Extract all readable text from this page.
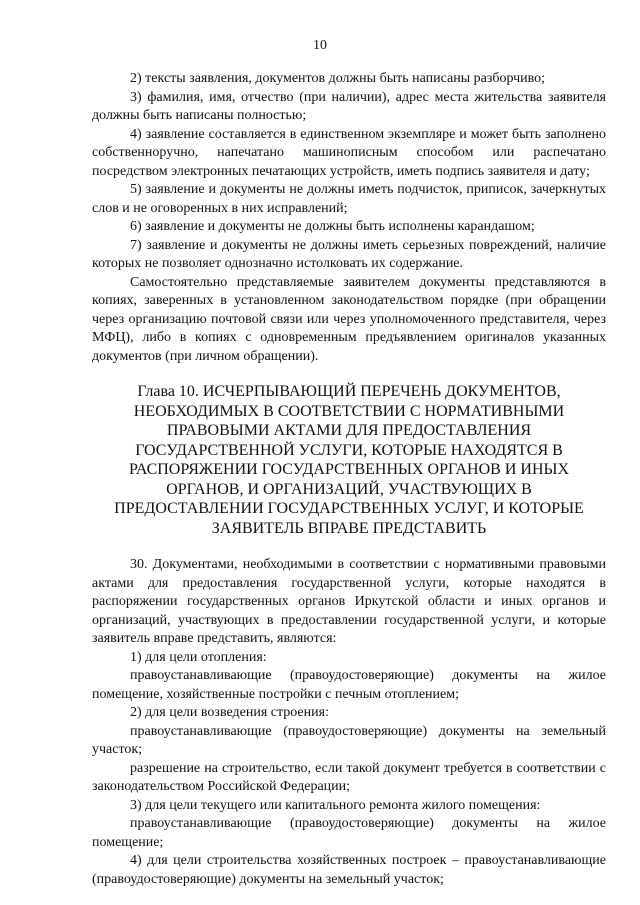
10

2) тексты заявления, документов должны быть написаны разборчиво;

3) фамилия, имя, отчество (при наличии), адрес места жительства заявителя должны быть написаны полностью;

4) заявление составляется в единственном экземпляре и может быть заполнено собственноручно, напечатано машинописным способом или распечатано посредством электронных печатающих устройств, иметь подпись заявителя и дату;

5) заявление и документы не должны иметь подчисток, приписок, зачеркнутых слов и не оговоренных в них исправлений;

6) заявление и документы не должны быть исполнены карандашом;

7) заявление и документы не должны иметь серьезных повреждений, наличие которых не позволяет однозначно истолковать их содержание.

Самостоятельно представляемые заявителем документы представляются в копиях, заверенных в установленном законодательством порядке (при обращении через организацию почтовой связи или через уполномоченного представителя, через МФЦ), либо в копиях с одновременным предъявлением оригиналов указанных документов (при личном обращении).

Глава 10. ИСЧЕРПЫВАЮЩИЙ ПЕРЕЧЕНЬ ДОКУМЕНТОВ, НЕОБХОДИМЫХ В СООТВЕТСТВИИ С НОРМАТИВНЫМИ ПРАВОВЫМИ АКТАМИ ДЛЯ ПРЕДОСТАВЛЕНИЯ ГОСУДАРСТВЕННОЙ УСЛУГИ, КОТОРЫЕ НАХОДЯТСЯ В РАСПОРЯЖЕНИИ ГОСУДАРСТВЕННЫХ ОРГАНОВ И ИНЫХ ОРГАНОВ, И ОРГАНИЗАЦИЙ, УЧАСТВУЮЩИХ В ПРЕДОСТАВЛЕНИИ ГОСУДАРСТВЕННЫХ УСЛУГ, И КОТОРЫЕ ЗАЯВИТЕЛЬ ВПРАВЕ ПРЕДСТАВИТЬ

30. Документами, необходимыми в соответствии с нормативными правовыми актами для предоставления государственной услуги, которые находятся в распоряжении государственных органов Иркутской области и иных органов и организаций, участвующих в предоставлении государственной услуги, и которые заявитель вправе представить, являются:

1) для цели отопления:

правоустанавливающие (правоудостоверяющие) документы на жилое помещение, хозяйственные постройки с печным отоплением;

2) для цели возведения строения:

правоустанавливающие (правоудостоверяющие) документы на земельный участок;

разрешение на строительство, если такой документ требуется в соответствии с законодательством Российской Федерации;

3) для цели текущего или капитального ремонта жилого помещения:

правоустанавливающие (правоудостоверяющие) документы на жилое помещение;

4) для цели строительства хозяйственных построек – правоустанавливающие (правоудостоверяющие) документы на земельный участок;
